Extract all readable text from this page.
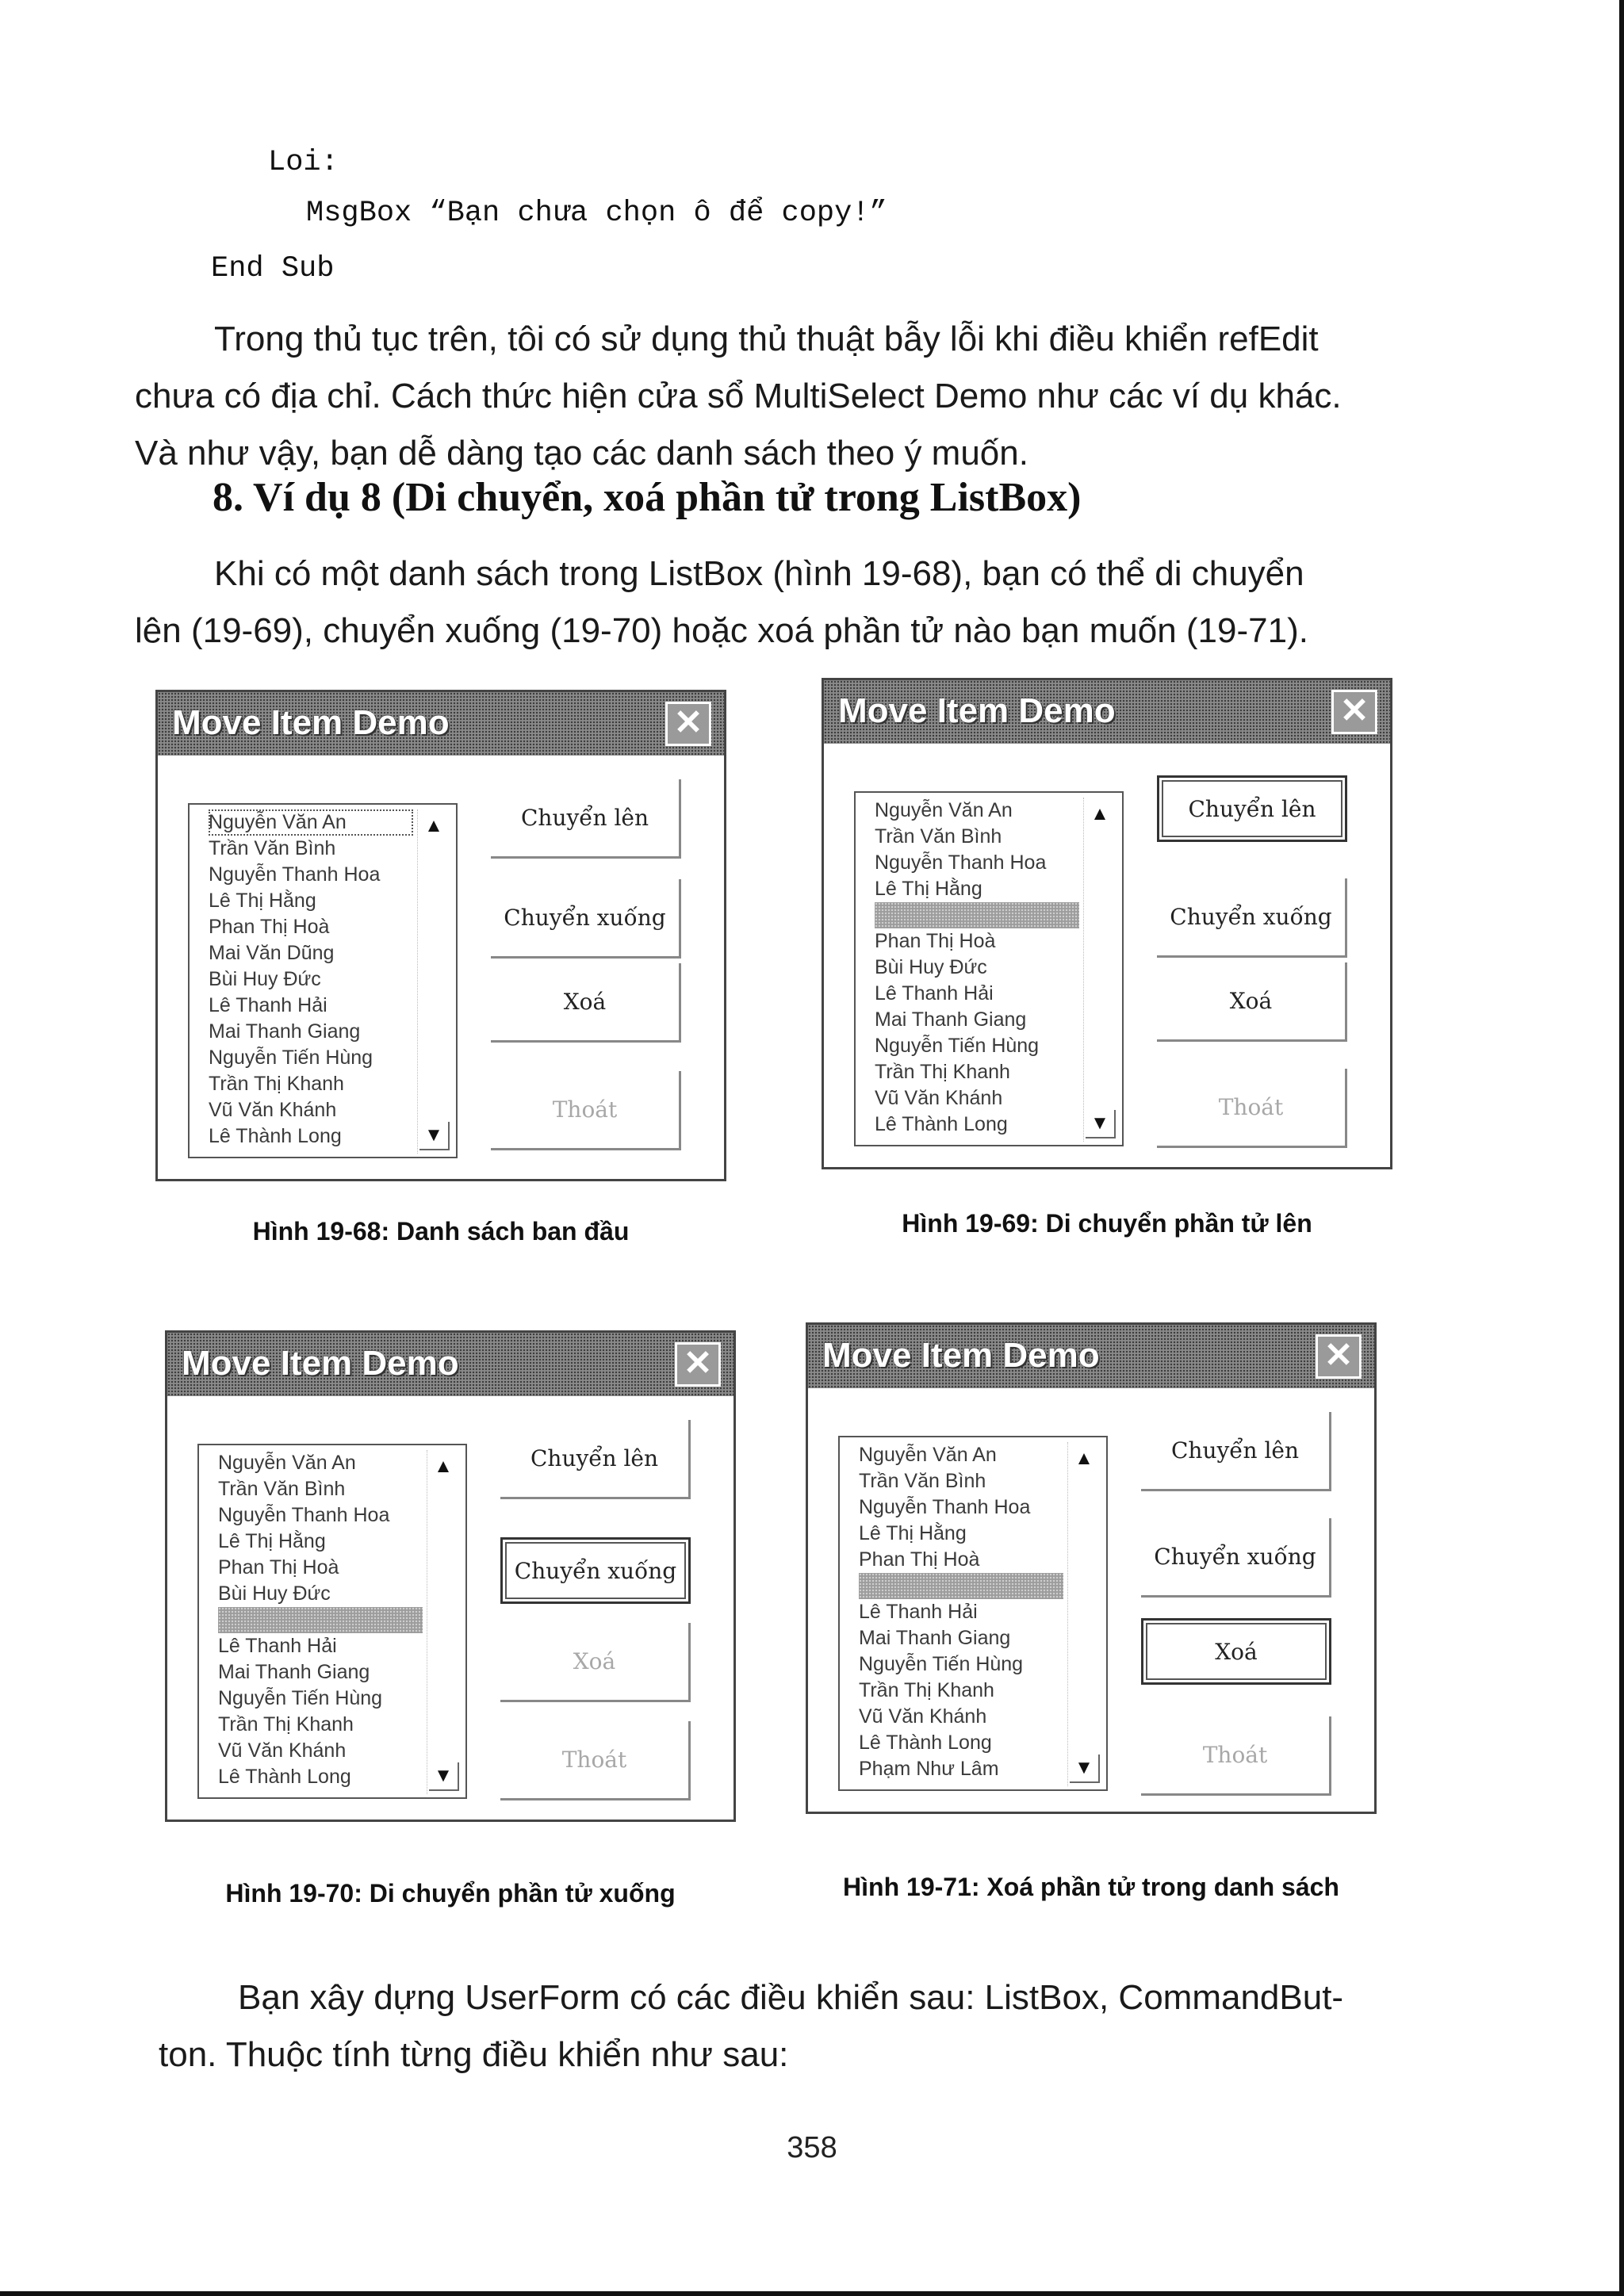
Loi:
MsgBox “Bạn chưa chọn ô để copy!”
End Sub
Trong thủ tục trên, tôi có sử dụng thủ thuật bẫy lỗi khi điều khiển refEdit
chưa có địa chỉ. Cách thức hiện cửa sổ MultiSelect Demo như các ví dụ khác.
Và như vậy, bạn dễ dàng tạo các danh sách theo ý muốn.
8. Ví dụ 8 (Di chuyển, xoá phần tử trong ListBox)
Khi có một danh sách trong ListBox (hình 19-68), bạn có thể di chuyển
lên (19-69), chuyển xuống (19-70) hoặc xoá phần tử nào bạn muốn (19-71).
Move Item Demo	✕
Nguyễn Văn An
Trần Văn Bình
Nguyễn Thanh Hoa
Lê Thị Hằng
Phan Thị Hoà
Mai Văn Dũng
Bùi Huy Đức
Lê Thanh Hải
Mai Thanh Giang
Nguyễn Tiến Hùng
Trần Thị Khanh
Vũ Văn Khánh
Lê Thành Long
▲
▼
Chuyển lên
Chuyển xuống
Xoá
Thoát
Hình 19-68: Danh sách ban đầu
Move Item Demo	✕
Nguyễn Văn An
Trần Văn Bình
Nguyễn Thanh Hoa
Lê Thị Hằng
Phan Thị Hoà
Bùi Huy Đức
Lê Thanh Hải
Mai Thanh Giang
Nguyễn Tiến Hùng
Trần Thị Khanh
Vũ Văn Khánh
Lê Thành Long
▲
▼
Chuyển lên
Chuyển xuống
Xoá
Thoát
Hình 19-69: Di chuyển phần tử lên
Move Item Demo	✕
Nguyễn Văn An
Trần Văn Bình
Nguyễn Thanh Hoa
Lê Thị Hằng
Phan Thị Hoà
Bùi Huy Đức
Lê Thanh Hải
Mai Thanh Giang
Nguyễn Tiến Hùng
Trần Thị Khanh
Vũ Văn Khánh
Lê Thành Long
▲
▼
Chuyển lên
Chuyển xuống
Xoá
Thoát
Hình 19-70: Di chuyển phần tử xuống
Move Item Demo	✕
Nguyễn Văn An
Trần Văn Bình
Nguyễn Thanh Hoa
Lê Thị Hằng
Phan Thị Hoà
Lê Thanh Hải
Mai Thanh Giang
Nguyễn Tiến Hùng
Trần Thị Khanh
Vũ Văn Khánh
Lê Thành Long
Phạm Như Lâm
▲
▼
Chuyển lên
Chuyển xuống
Xoá
Thoát
Hình 19-71: Xoá phần tử trong danh sách
Bạn xây dựng UserForm có các điều khiển sau: ListBox, CommandBut-
ton. Thuộc tính từng điều khiển như sau:
358
